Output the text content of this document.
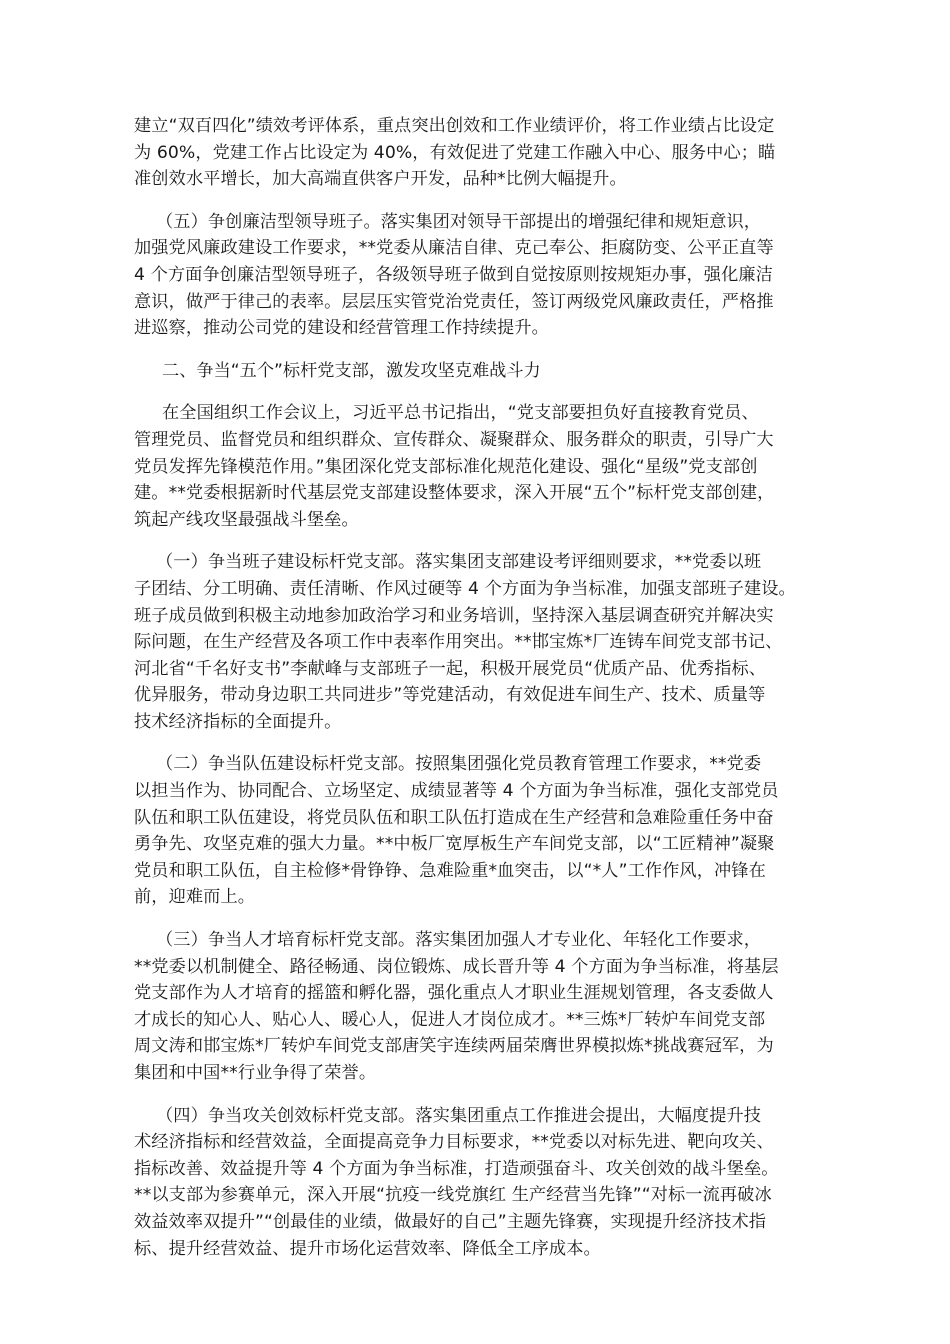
建立“双百四化”绩效考评体系，重点突出创效和工作业绩评价，将工作业绩占比设定
为 60%，党建工作占比设定为 40%，有效促进了党建工作融入中心、服务中心；瞄
准创效水平增长，加大高端直供客户开发，品种*比例大幅提升。
（五）争创廉洁型领导班子。落实集团对领导干部提出的增强纪律和规矩意识，
加强党风廉政建设工作要求，**党委从廉洁自律、克己奉公、拒腐防变、公平正直等
4 个方面争创廉洁型领导班子，各级领导班子做到自觉按原则按规矩办事，强化廉洁
意识，做严于律己的表率。层层压实管党治党责任，签订两级党风廉政责任，严格推
进巡察，推动公司党的建设和经营管理工作持续提升。
二、争当“五个”标杆党支部，激发攻坚克难战斗力
在全国组织工作会议上，习近平总书记指出，“党支部要担负好直接教育党员、
管理党员、监督党员和组织群众、宣传群众、凝聚群众、服务群众的职责，引导广大
党员发挥先锋模范作用。”集团深化党支部标准化规范化建设、强化“星级”党支部创
建。**党委根据新时代基层党支部建设整体要求，深入开展“五个”标杆党支部创建，
筑起产线攻坚最强战斗堡垒。
（一）争当班子建设标杆党支部。落实集团支部建设考评细则要求，**党委以班
子团结、分工明确、责任清晰、作风过硬等 4 个方面为争当标准，加强支部班子建设。
班子成员做到积极主动地参加政治学习和业务培训，坚持深入基层调查研究并解决实
际问题，在生产经营及各项工作中表率作用突出。**邯宝炼*厂连铸车间党支部书记、
河北省“千名好支书”李献峰与支部班子一起，积极开展党员“优质产品、优秀指标、
优异服务，带动身边职工共同进步”等党建活动，有效促进车间生产、技术、质量等
技术经济指标的全面提升。
（二）争当队伍建设标杆党支部。按照集团强化党员教育管理工作要求，**党委
以担当作为、协同配合、立场坚定、成绩显著等 4 个方面为争当标准，强化支部党员
队伍和职工队伍建设，将党员队伍和职工队伍打造成在生产经营和急难险重任务中奋
勇争先、攻坚克难的强大力量。**中板厂宽厚板生产车间党支部，以“工匠精神”凝聚
党员和职工队伍，自主检修*骨铮铮、急难险重*血突击，以“*人”工作作风，冲锋在
前，迎难而上。
（三）争当人才培育标杆党支部。落实集团加强人才专业化、年轻化工作要求，
**党委以机制健全、路径畅通、岗位锻炼、成长晋升等 4 个方面为争当标准，将基层
党支部作为人才培育的摇篮和孵化器，强化重点人才职业生涯规划管理，各支委做人
才成长的知心人、贴心人、暖心人，促进人才岗位成才。**三炼*厂转炉车间党支部
周文涛和邯宝炼*厂转炉车间党支部唐笑宇连续两届荣膺世界模拟炼*挑战赛冠军，为
集团和中国**行业争得了荣誉。
（四）争当攻关创效标杆党支部。落实集团重点工作推进会提出，大幅度提升技
术经济指标和经营效益，全面提高竞争力目标要求，**党委以对标先进、靶向攻关、
指标改善、效益提升等 4 个方面为争当标准，打造顽强奋斗、攻关创效的战斗堡垒。
**以支部为参赛单元，深入开展“抗疫一线党旗红 生产经营当先锋”“对标一流再破冰
效益效率双提升”“创最佳的业绩，做最好的自己”主题先锋赛，实现提升经济技术指
标、提升经营效益、提升市场化运营效率、降低全工序成本。
